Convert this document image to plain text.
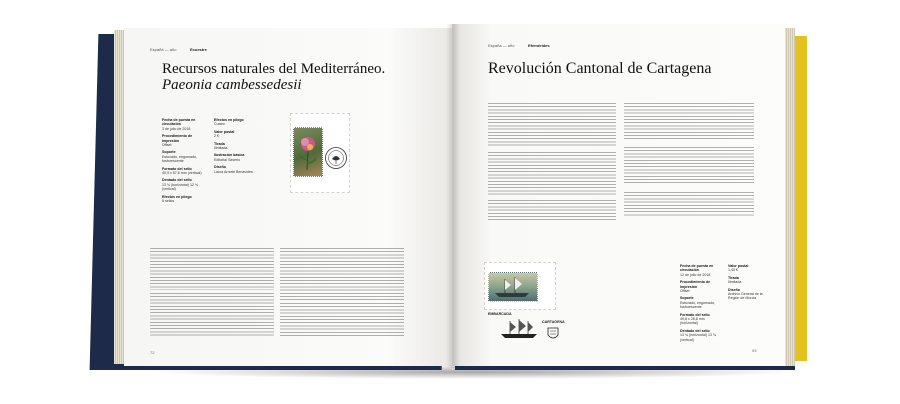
España — año	Ecuestre
Recursos naturales del Mediterráneo.
Paeonia cambessedesii
Fecha de puesta en circulación
3 de julio de 2018
Procedimiento de impresión
Offset
Soporte
Estucado, engomado, fosforescente
Formato del sello
40,9 x 57,6 mm (vertical)
Dentado del sello
13 ¾ (horizontal) 12 ¾ (vertical)
Efectos en pliego
6 sellos
Efectos en pliego
Cuatro
Valor postal
2 €
Tirada
Ilimitada
Ilustración básica
Editorial Saverio
Diseño
Laura Arrarte Benavides
72
España — año	Efemérides
Revolución Cantonal de Cartagena
EMBARCADA
CARTAGENA
Fecha de puesta en circulación
12 de julio de 2018
Procedimiento de impresión
Offset
Soporte
Estucado, engomado, fosforescente
Formato del sello
49,8 x 28,8 mm (horizontal)
Dentado del sello
13 ¾ (horizontal) 13 ¾ (vertical)
Valor postal
1,45 €
Tirada
Ilimitada
Diseño
Archivo General de la Región de Murcia
93
